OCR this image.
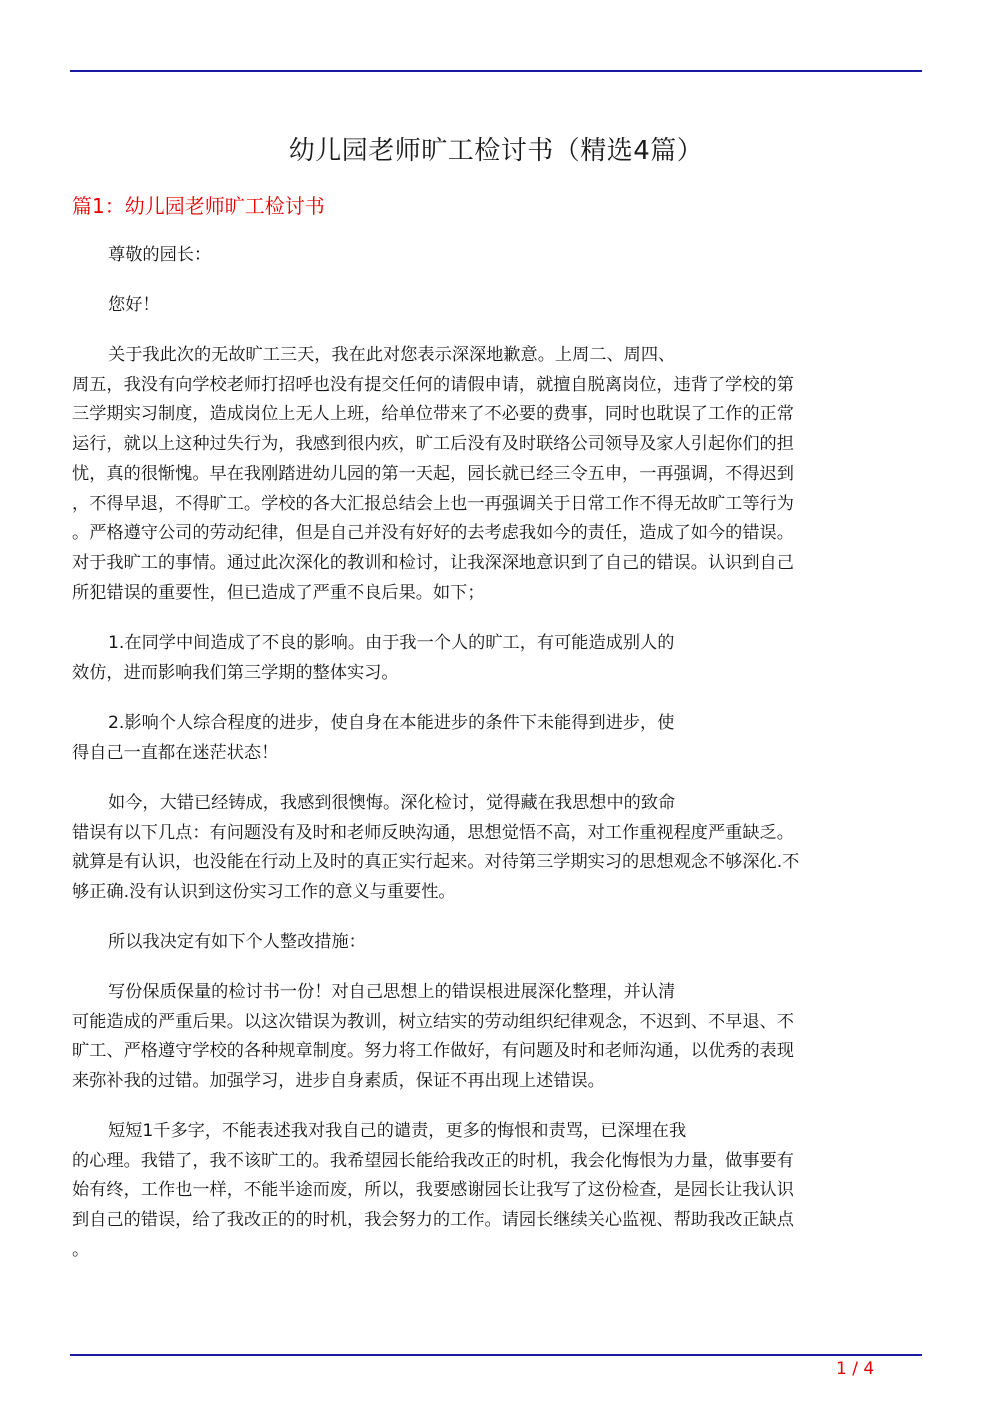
幼儿园老师旷工检讨书（精选4篇）
篇1：幼儿园老师旷工检讨书
尊敬的园长：
您好！
关于我此次的无故旷工三天，我在此对您表示深深地歉意。上周二、周四、
周五，我没有向学校老师打招呼也没有提交任何的请假申请，就擅自脱离岗位，违背了学校的第
三学期实习制度，造成岗位上无人上班，给单位带来了不必要的费事，同时也耽误了工作的正常
运行，就以上这种过失行为，我感到很内疚，旷工后没有及时联络公司领导及家人引起你们的担
忧，真的很惭愧。早在我刚踏进幼儿园的第一天起，园长就已经三令五申，一再强调，不得迟到
，不得早退，不得旷工。学校的各大汇报总结会上也一再强调关于日常工作不得无故旷工等行为
。严格遵守公司的劳动纪律，但是自己并没有好好的去考虑我如今的责任，造成了如今的错误。
对于我旷工的事情。通过此次深化的教训和检讨，让我深深地意识到了自己的错误。认识到自己
所犯错误的重要性，但已造成了严重不良后果。如下；
1.在同学中间造成了不良的影响。由于我一个人的旷工，有可能造成别人的
效仿，进而影响我们第三学期的整体实习。
2.影响个人综合程度的进步，使自身在本能进步的条件下未能得到进步，使
得自己一直都在迷茫状态！
如今，大错已经铸成，我感到很懊悔。深化检讨，觉得藏在我思想中的致命
错误有以下几点：有问题没有及时和老师反映沟通，思想觉悟不高，对工作重视程度严重缺乏。
就算是有认识，也没能在行动上及时的真正实行起来。对待第三学期实习的思想观念不够深化.不
够正确.没有认识到这份实习工作的意义与重要性。
所以我决定有如下个人整改措施：
写份保质保量的检讨书一份！对自己思想上的错误根进展深化整理，并认清
可能造成的严重后果。以这次错误为教训，树立结实的劳动组织纪律观念，不迟到、不早退、不
旷工、严格遵守学校的各种规章制度。努力将工作做好，有问题及时和老师沟通，以优秀的表现
来弥补我的过错。加强学习，进步自身素质，保证不再出现上述错误。
短短1千多字，不能表述我对我自己的谴责，更多的悔恨和责骂，已深埋在我
的心理。我错了，我不该旷工的。我希望园长能给我改正的时机，我会化悔恨为力量，做事要有
始有终，工作也一样，不能半途而废，所以，我要感谢园长让我写了这份检查，是园长让我认识
到自己的错误，给了我改正的的时机，我会努力的工作。请园长继续关心监视、帮助我改正缺点
。
1 / 4
